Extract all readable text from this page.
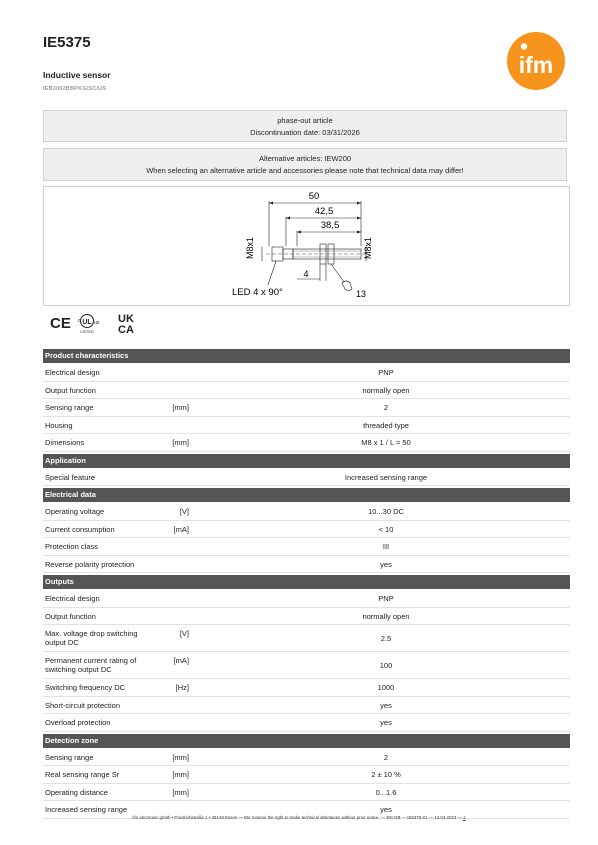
IE5375
Inductive sensor
IEB3002BBPKG/SC/US
ifm
phase-out article
Discontinuation date: 03/31/2026
Alternative articles: IEW200
When selecting an alternative article and accessories please note that technical data may differ!
50
42,5
38,5
4
13
M8x1	M8x1
LED 4 x 90°
CE UL
c	us
LISTED
UK
CA
Product characteristics
Electrical design	PNP
Output function	normally open
Sensing range	[mm]	2
Housing	threaded type
Dimensions	[mm]	M8 x 1 / L = 50
Application
Special feature	Increased sensing range
Electrical data
Operating voltage	[V]	10...30 DC
Current consumption	[mA]	< 10
Protection class	III
Reverse polarity protection	yes
Outputs
Electrical design	PNP
Output function	normally open
Max. voltage drop switching output DC
[V]	2.5
Permanent current rating of switching output DC
[mA]	100
Switching frequency DC	[Hz]	1000
Short-circuit protection	yes
Overload protection	yes
Detection zone
Sensing range	[mm]	2
Real sensing range Sr	[mm]	2 ± 10 %
Operating distance	[mm]	0...1.6
Increased sensing range	yes
ifm electronic gmbh • Friedrichstraße 1 • 45128 Essen — We reserve the right to make technical alterations without prior notice. — EN-GB — IE5375-01 — 13.04.2023 — 1
